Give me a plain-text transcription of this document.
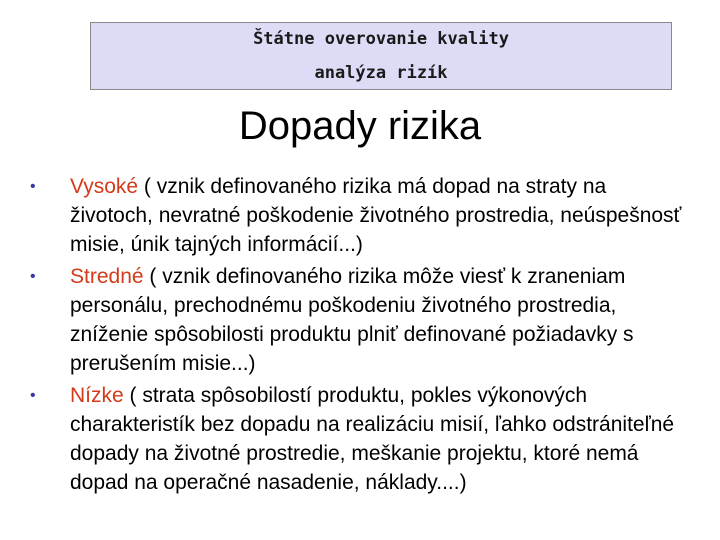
Štátne overovanie kvality
analýza rizík
Dopady rizika
•	Vysoké ( vznik definovaného rizika má dopad na straty na životoch, nevratné poškodenie životného prostredia, neúspešnosť misie, únik tajných informácií...)
•	Stredné ( vznik definovaného rizika môže viesť k zraneniam personálu, prechodnému poškodeniu životného prostredia, zníženie spôsobilosti produktu plniť definované požiadavky s prerušením misie...)
•	Nízke ( strata spôsobilostí produktu, pokles výkonových charakteristík bez dopadu na realizáciu misií, ľahko odstrániteľné dopady na životné prostredie, meškanie projektu, ktoré nemá dopad na operačné nasadenie, náklady....)
